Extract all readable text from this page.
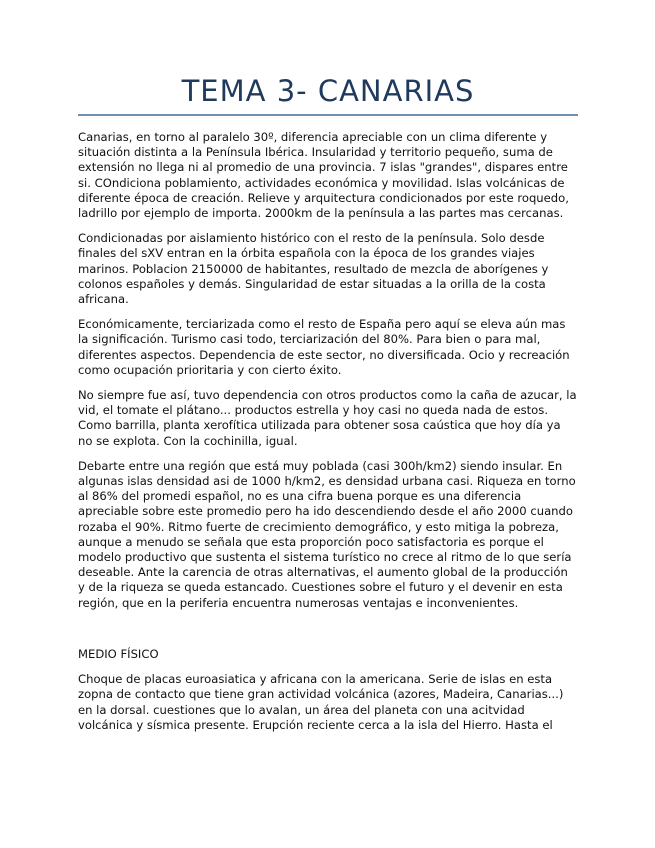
TEMA 3- CANARIAS

Canarias, en torno al paralelo 30º, diferencia apreciable con un clima diferente y situación distinta a la Península Ibérica. Insularidad y territorio pequeño, suma de extensión no llega ni al promedio de una provincia. 7 islas "grandes", dispares entre si. COndiciona poblamiento, actividades económica y movilidad. Islas volcánicas de diferente época de creación. Relieve y arquitectura condicionados por este roquedo, ladrillo por ejemplo de importa. 2000km de la península a las partes mas cercanas.

Condicionadas por aislamiento histórico con el resto de la península. Solo desde finales del sXV entran en la órbita española con la época de los grandes viajes marinos. Poblacion 2150000 de habitantes, resultado de mezcla de aborígenes y colonos españoles y demás. Singularidad de estar situadas a la orilla de la costa africana.

Económicamente, terciarizada como el resto de España pero aquí se eleva aún mas la significación. Turismo casi todo, terciarización del 80%. Para bien o para mal, diferentes aspectos. Dependencia de este sector, no diversificada. Ocio y recreación como ocupación prioritaria y con cierto éxito.

No siempre fue así, tuvo dependencia con otros productos como la caña de azucar, la vid, el tomate el plátano... productos estrella y hoy casi no queda nada de estos. Como barrilla, planta xerofítica utilizada para obtener sosa caústica que hoy día ya no se explota. Con la cochinilla, igual.

Debarte entre una región que está muy poblada (casi 300h/km2) siendo insular. En algunas islas densidad asi de 1000 h/km2, es densidad urbana casi. Riqueza en torno al 86% del promedi español, no es una cifra buena porque es una diferencia apreciable sobre este promedio pero ha ido descendiendo desde el año 2000 cuando rozaba el 90%. Ritmo fuerte de crecimiento demográfico, y esto mitiga la pobreza, aunque a menudo se señala que esta proporción poco satisfactoria es porque el modelo productivo que sustenta el sistema turístico no crece al ritmo de lo que sería deseable. Ante la carencia de otras alternativas, el aumento global de la producción y de la riqueza se queda estancado. Cuestiones sobre el futuro y el devenir en esta región, que en la periferia encuentra numerosas ventajas e inconvenientes.

MEDIO FÍSICO

Choque de placas euroasiatica y africana con la americana. Serie de islas en esta zopna de contacto que tiene gran actividad volcánica (azores, Madeira, Canarias...) en la dorsal. cuestiones que lo avalan, un área del planeta con una acitvidad volcánica y sísmica presente. Erupción reciente cerca a la isla del Hierro. Hasta el
